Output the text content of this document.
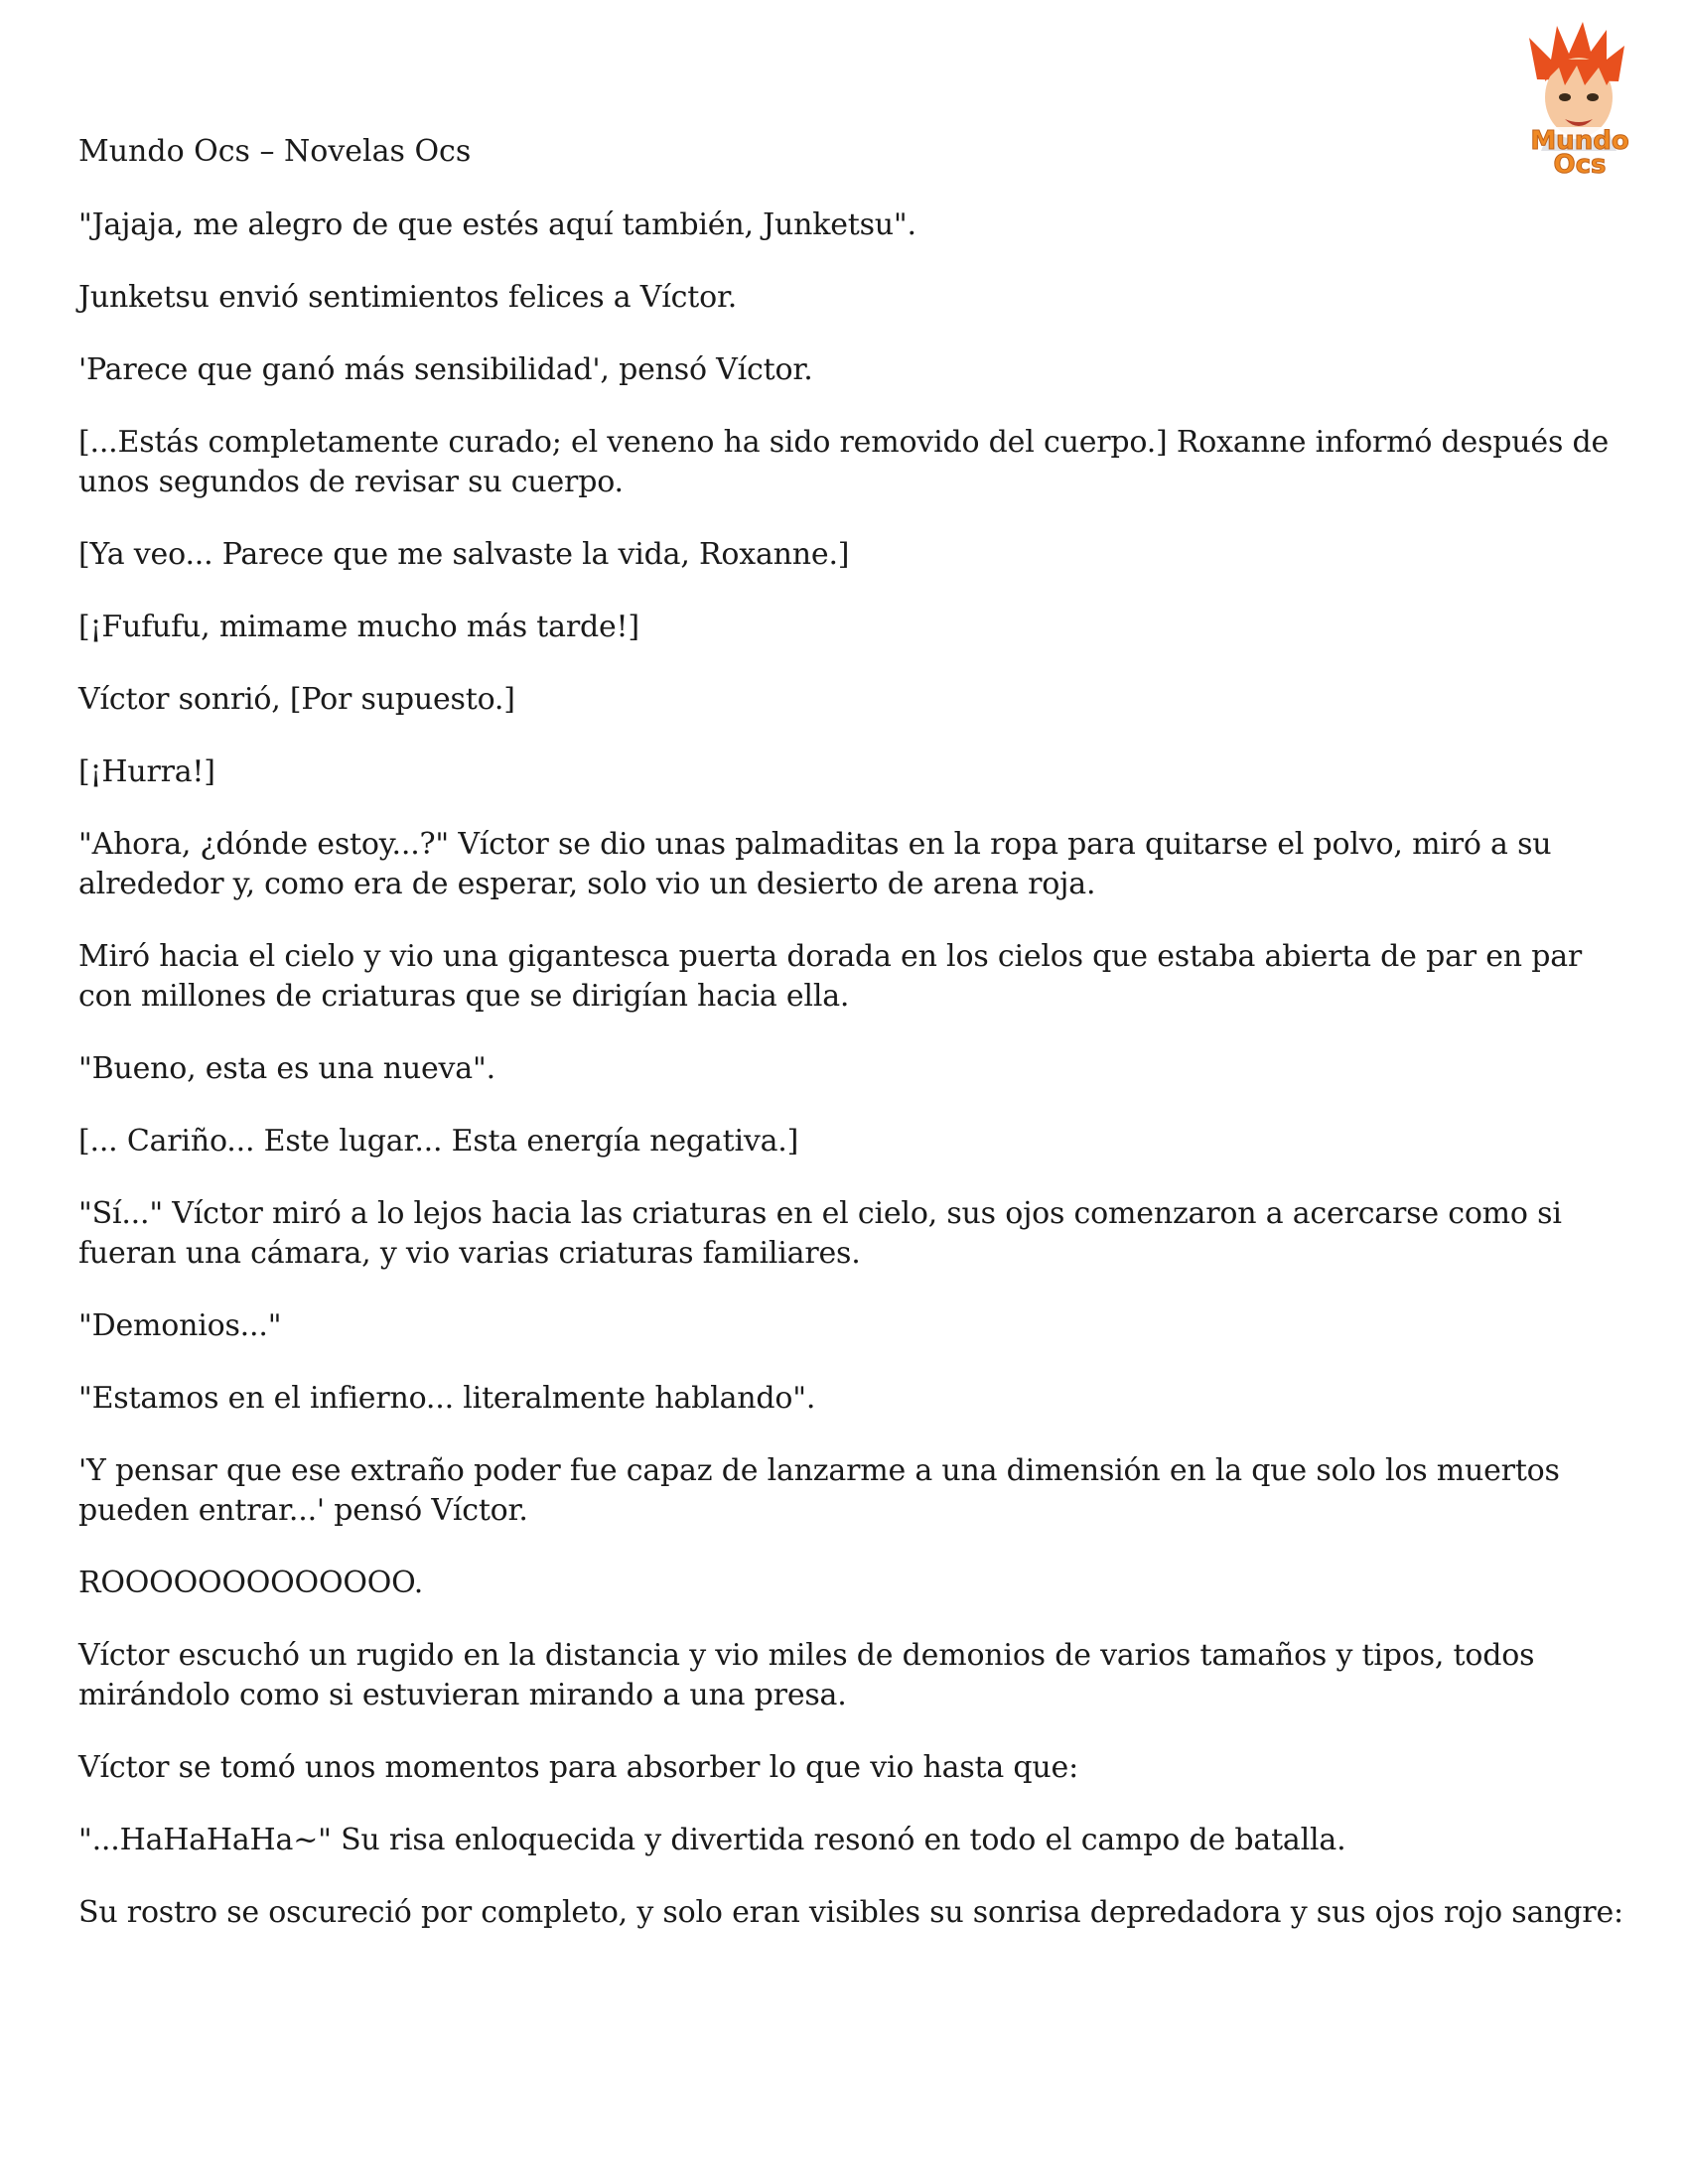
Mundo Ocs – Novelas Ocs	Mundo
Ocs

"Jajaja, me alegro de que estés aquí también, Junketsu".

Junketsu envió sentimientos felices a Víctor.

'Parece que ganó más sensibilidad', pensó Víctor.

[...Estás completamente curado; el veneno ha sido removido del cuerpo.] Roxanne informó después de unos segundos de revisar su cuerpo.

[Ya veo... Parece que me salvaste la vida, Roxanne.]

[¡Fufufu, mimame mucho más tarde!]

Víctor sonrió, [Por supuesto.]

[¡Hurra!]

"Ahora, ¿dónde estoy...?" Víctor se dio unas palmaditas en la ropa para quitarse el polvo, miró a su alrededor y, como era de esperar, solo vio un desierto de arena roja.

Miró hacia el cielo y vio una gigantesca puerta dorada en los cielos que estaba abierta de par en par con millones de criaturas que se dirigían hacia ella.

"Bueno, esta es una nueva".

[... Cariño... Este lugar... Esta energía negativa.]

"Sí..." Víctor miró a lo lejos hacia las criaturas en el cielo, sus ojos comenzaron a acercarse como si fueran una cámara, y vio varias criaturas familiares.

"Demonios..."

"Estamos en el infierno... literalmente hablando".

'Y pensar que ese extraño poder fue capaz de lanzarme a una dimensión en la que solo los muertos pueden entrar...' pensó Víctor.

ROOOOOOOOOOOOO.

Víctor escuchó un rugido en la distancia y vio miles de demonios de varios tamaños y tipos, todos mirándolo como si estuvieran mirando a una presa.

Víctor se tomó unos momentos para absorber lo que vio hasta que:

"...HaHaHaHa~" Su risa enloquecida y divertida resonó en todo el campo de batalla.

Su rostro se oscureció por completo, y solo eran visibles su sonrisa depredadora y sus ojos rojo sangre:
